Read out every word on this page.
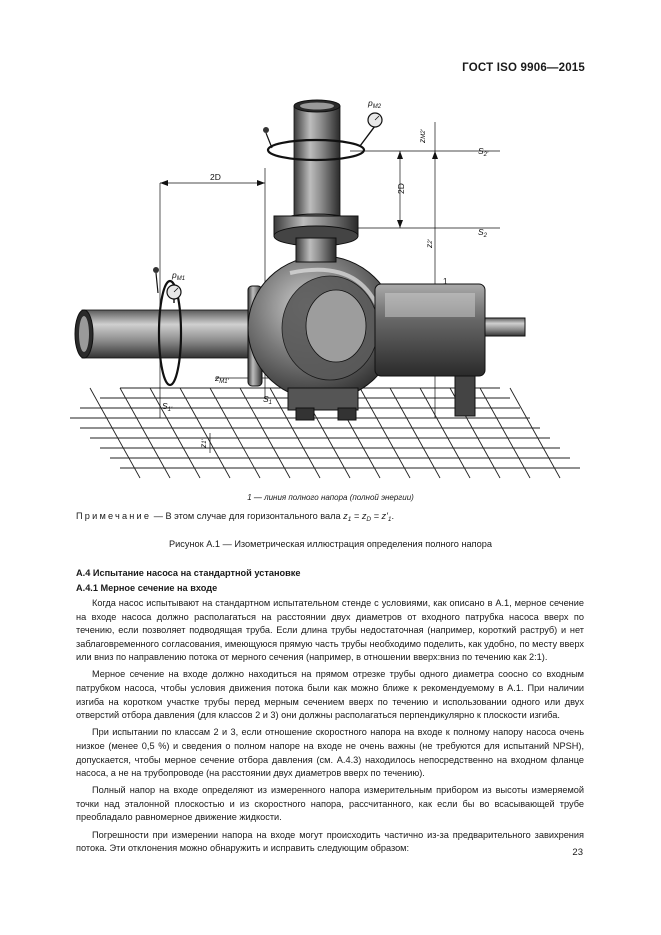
ГОСТ ISO 9906—2015
$p_{M2}$
$p_{M1}$
2D
2D
zM2'
z2'
$z_{M1'}$
z1'
$S_{2'}$
$S_2$
$S_{1'}$
$S_1$
1
1 — линия полного напора (полной энергии)
Примечание — В этом случае для горизонтального вала $z_1 = z_D = z'_1$.
Рисунок А.1 — Изометрическая иллюстрация определения полного напора
А.4 Испытание насоса на стандартной установке
А.4.1 Мерное сечение на входе

Когда насос испытывают на стандартном испытательном стенде с условиями, как описано в А.1, мерное сечение на входе насоса должно располагаться на расстоянии двух диаметров от входного патрубка насоса вверх по течению, если позволяет подводящая труба. Если длина трубы недостаточная (например, короткий раструб) и нет заблаговременного согласования, имеющуюся прямую часть трубы необходимо поделить, как удобно, по месту вверх или вниз по направлению потока от мерного сечения (например, в отношении вверх:вниз по течению как 2:1).

Мерное сечение на входе должно находиться на прямом отрезке трубы одного диаметра соосно со входным патрубком насоса, чтобы условия движения потока были как можно ближе к рекомендуемому в А.1. При наличии изгиба на коротком участке трубы перед мерным сечением вверх по течению и использовании одного или двух отверстий отбора давления (для классов 2 и 3) они должны располагаться перпендикулярно к плоскости изгиба.

При испытании по классам 2 и 3, если отношение скоростного напора на входе к полному напору насоса очень низкое (менее 0,5 %) и сведения о полном напоре на входе не очень важны (не требуются для испытаний NPSH), допускается, чтобы мерное сечение отбора давления (см. А.4.3) находилось непосредственно на входном фланце насоса, а не на трубопроводе (на расстоянии двух диаметров вверх по течению).

Полный напор на входе определяют из измеренного напора измерительным прибором из высоты измеряемой точки над эталонной плоскостью и из скоростного напора, рассчитанного, как если бы во всасывающей трубе преобладало равномерное движение жидкости.

Погрешности при измерении напора на входе могут происходить частично из-за предварительного завихрения потока. Эти отклонения можно обнаружить и исправить следующим образом:	23
